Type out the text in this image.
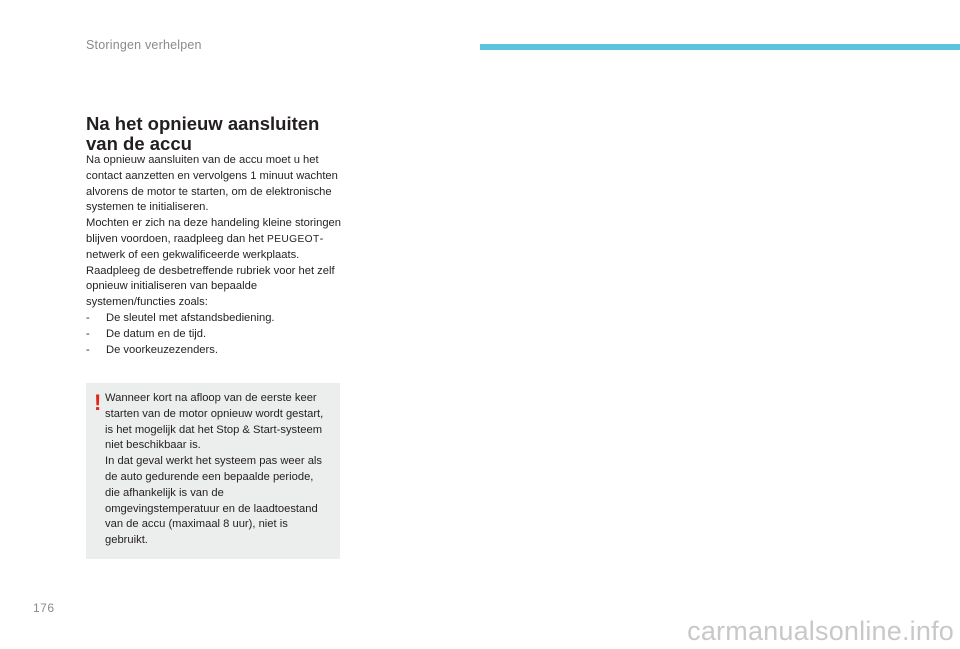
Storingen verhelpen
Na het opnieuw aansluiten
van de accu

Na opnieuw aansluiten van de accu moet u het contact aanzetten en vervolgens 1 minuut wachten alvorens de motor te starten, om de elektronische systemen te initialiseren.

Mochten er zich na deze handeling kleine storingen blijven voordoen, raadpleeg dan het PEUGEOT-netwerk of een gekwalificeerde werkplaats.

Raadpleeg de desbetreffende rubriek voor het zelf opnieuw initialiseren van bepaalde systemen/functies zoals:

- De sleutel met afstandsbediening.
- De datum en de tijd.
- De voorkeuzezenders.
! Wanneer kort na afloop van de eerste keer starten van de motor opnieuw wordt gestart, is het mogelijk dat het Stop & Start-systeem niet beschikbaar is.

In dat geval werkt het systeem pas weer als de auto gedurende een bepaalde periode, die afhankelijk is van de omgevingstemperatuur en de laadtoestand van de accu (maximaal 8 uur), niet is gebruikt.

176
carmanualsonline.info
